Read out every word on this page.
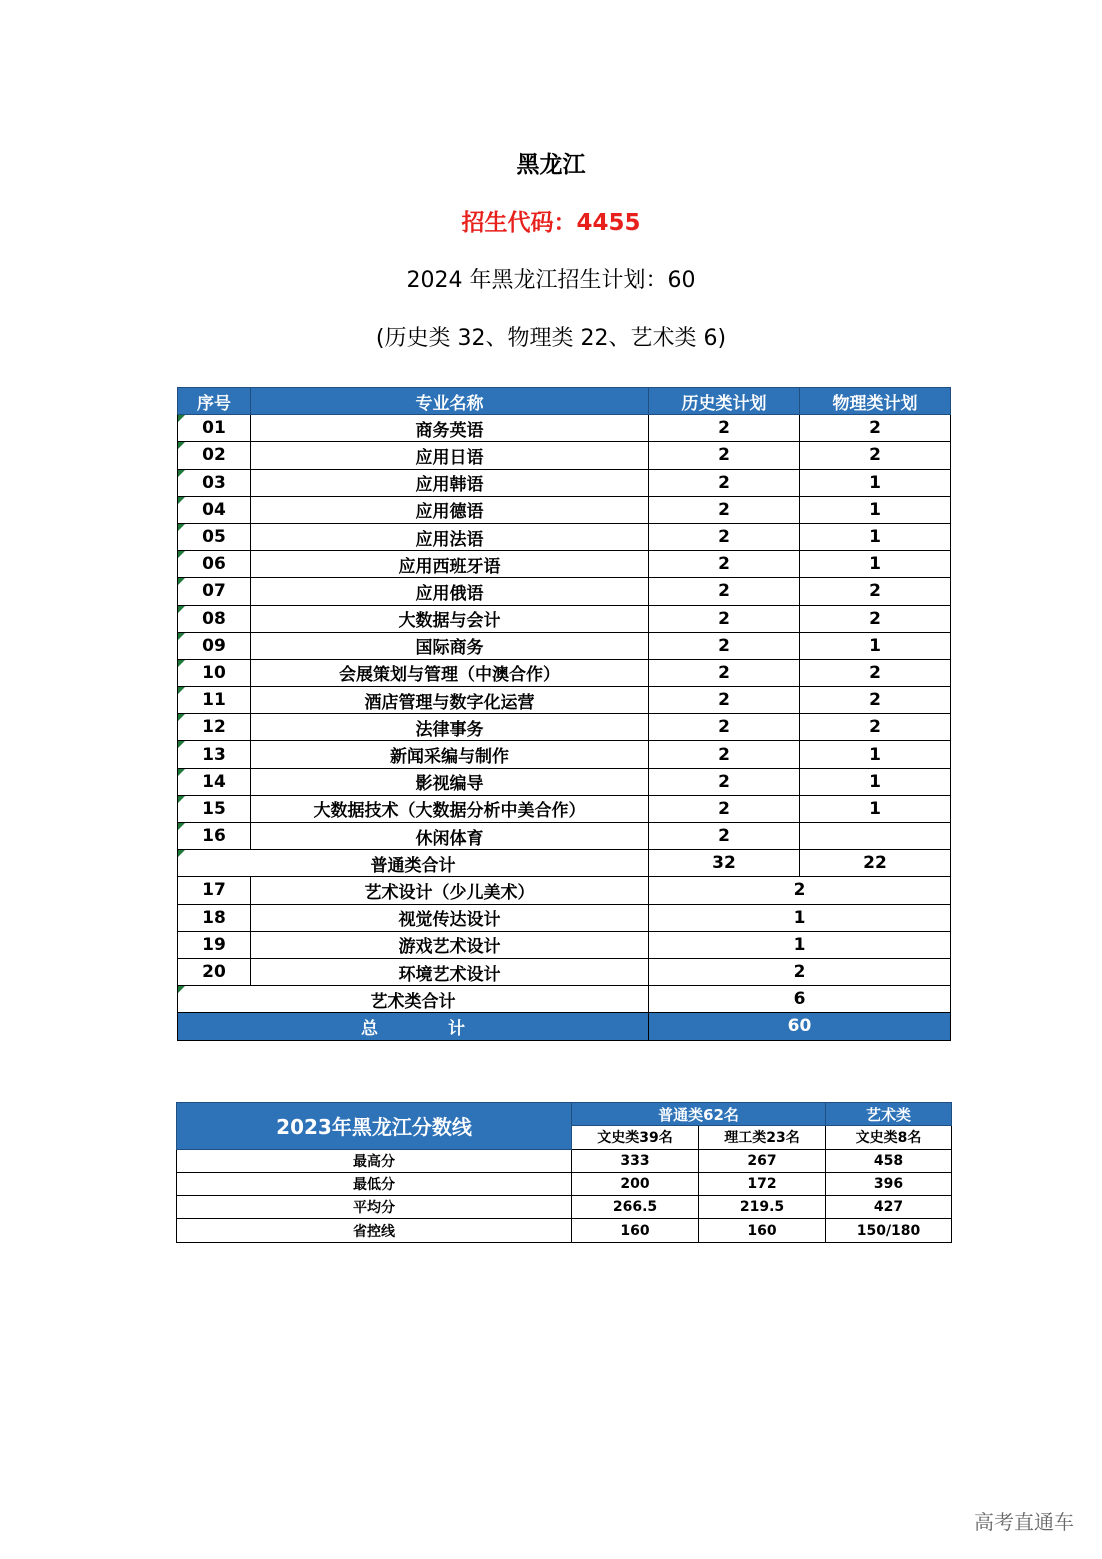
黑龙江
招生代码：4455
2024 年黑龙江招生计划：60
(历史类 32、物理类 22、艺术类 6)
序号	专业名称	历史类计划	物理类计划
01	商务英语	2	2
02	应用日语	2	2
03	应用韩语	2	1
04	应用德语	2	1
05	应用法语	2	1
06	应用西班牙语	2	1
07	应用俄语	2	2
08	大数据与会计	2	2
09	国际商务	2	1
10	会展策划与管理（中澳合作）	2	2
11	酒店管理与数字化运营	2	2
12	法律事务	2	2
13	新闻采编与制作	2	1
14	影视编导	2	1
15	大数据技术（大数据分析中美合作）	2	1
16	休闲体育	2	
普通类合计		32	22
17	艺术设计（少儿美术）	2	
18	视觉传达设计	1	
19	游戏艺术设计	1	
20	环境艺术设计	2	
艺术类合计		6	
总 计		60	
2023年黑龙江分数线	普通类62名		艺术类
	文史类39名	理工类23名	文史类8名
最高分	333	267	458
最低分	200	172	396
平均分	266.5	219.5	427
省控线	160	160	150/180
高考直通车
